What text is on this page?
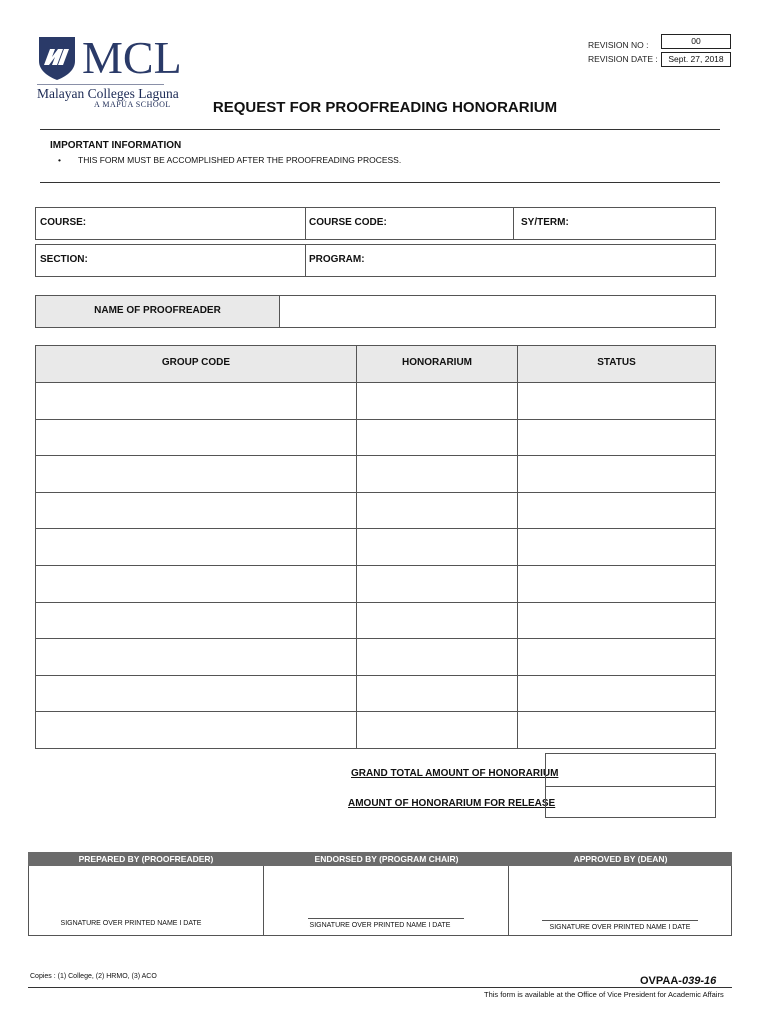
MCL
Malayan Colleges Laguna
A MAPÚA SCHOOL
REVISION NO :	00
REVISION DATE :	Sept. 27, 2018
REQUEST FOR PROOFREADING HONORARIUM
IMPORTANT INFORMATION
• THIS FORM MUST BE ACCOMPLISHED AFTER THE PROOFREADING PROCESS.
COURSE:	COURSE CODE:	SY/TERM:
SECTION:	PROGRAM:
NAME OF PROOFREADER
GROUP CODE	HONORARIUM	STATUS
GRAND TOTAL AMOUNT OF HONORARIUM
AMOUNT OF HONORARIUM FOR RELEASE
PREPARED BY (PROOFREADER)	ENDORSED BY (PROGRAM CHAIR)	APPROVED BY (DEAN)
SIGNATURE OVER PRINTED NAME I DATE	SIGNATURE OVER PRINTED NAME I DATE	SIGNATURE OVER PRINTED NAME I DATE
Copies : (1) College, (2) HRMO, (3) ACO	OVPAA-039-16
This form is available at the Office of Vice President for Academic Affairs
